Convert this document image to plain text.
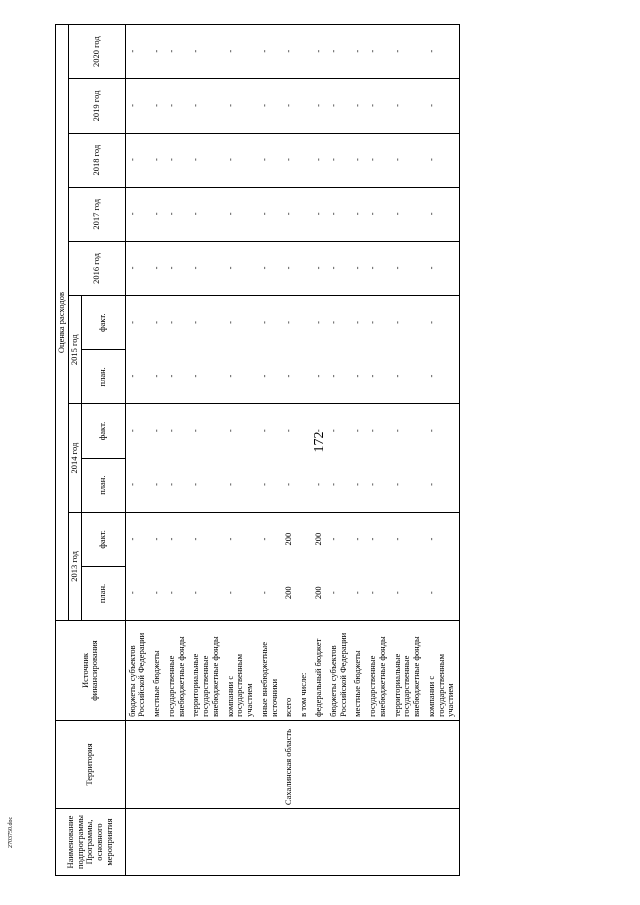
172
2703750.doc	Наименование подпрограммы Программы, основного мероприятия	Территория	Источник финансирования	Оценка расходов										
			2013 год		2014 год		2015 год		2016 год	2017 год	2018 год	2019 год	2020 год
			план.	факт.	план.	факт.	план.	факт.					
		бюджеты субъектов Российской Федерации	-	-	-	-	-	-	-	-	-	-	-
		местные бюджеты	-	-	-	-	-	-	-	-	-	-	-
		государственные внебюджетные фонды	-	-	-	-	-	-	-	-	-	-	-
		территориальные государственные внебюджетные фонды	-	-	-	-	-	-	-	-	-	-	-
		компании с государственным участием	-	-	-	-	-	-	-	-	-	-	-
		иные внебюджетные источники	-	-	-	-	-	-	-	-	-	-	-
	Сахалинская область	всего	200	200	-	-	-	-	-	-	-	-	-
		в том числе:											
		федеральный бюджет	200	200	-	-	-	-	-	-	-	-	-
		бюджеты субъектов Российской Федерации	-	-	-	-	-	-	-	-	-	-	-
		местные бюджеты	-	-	-	-	-	-	-	-	-	-	-
		государственные внебюджетные фонды	-	-	-	-	-	-	-	-	-	-	-
		территориальные государственные внебюджетные фонды	-	-	-	-	-	-	-	-	-	-	-
		компании с государственным участием	-	-	-	-	-	-	-	-	-	-	-
